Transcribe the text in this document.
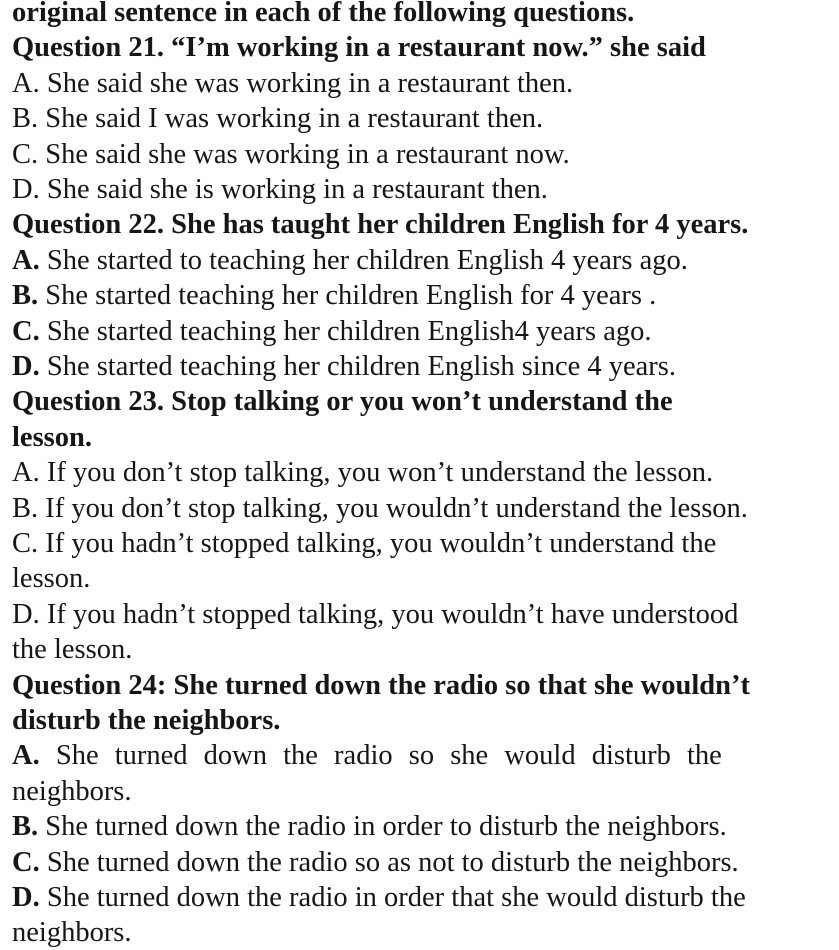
original sentence in each of the following questions.
Question 21. “I’m working in a restaurant now.” she said
A. She said she was working in a restaurant then.
B. She said I was working in a restaurant then.
C. She said she was working in a restaurant now.
D. She said she is working in a restaurant then.
Question 22. She has taught her children English for 4 years.
A. She started to teaching her children English 4 years ago.
B. She started teaching her children English for 4 years .
C. She started teaching her children English4 years ago.
D. She started teaching her children English since 4 years.
Question 23. Stop talking or you won’t understand the
lesson.
A. If you don’t stop talking, you won’t understand the lesson.
B. If you don’t stop talking, you wouldn’t understand the lesson.
C. If you hadn’t stopped talking, you wouldn’t understand the
lesson.
D. If you hadn’t stopped talking, you wouldn’t have understood
the lesson.
Question 24: She turned down the radio so that she wouldn’t
disturb the neighbors.
A. She turned down the radio so she would disturb the
neighbors.
B. She turned down the radio in order to disturb the neighbors.
C. She turned down the radio so as not to disturb the neighbors.
D. She turned down the radio in order that she would disturb the
neighbors.
